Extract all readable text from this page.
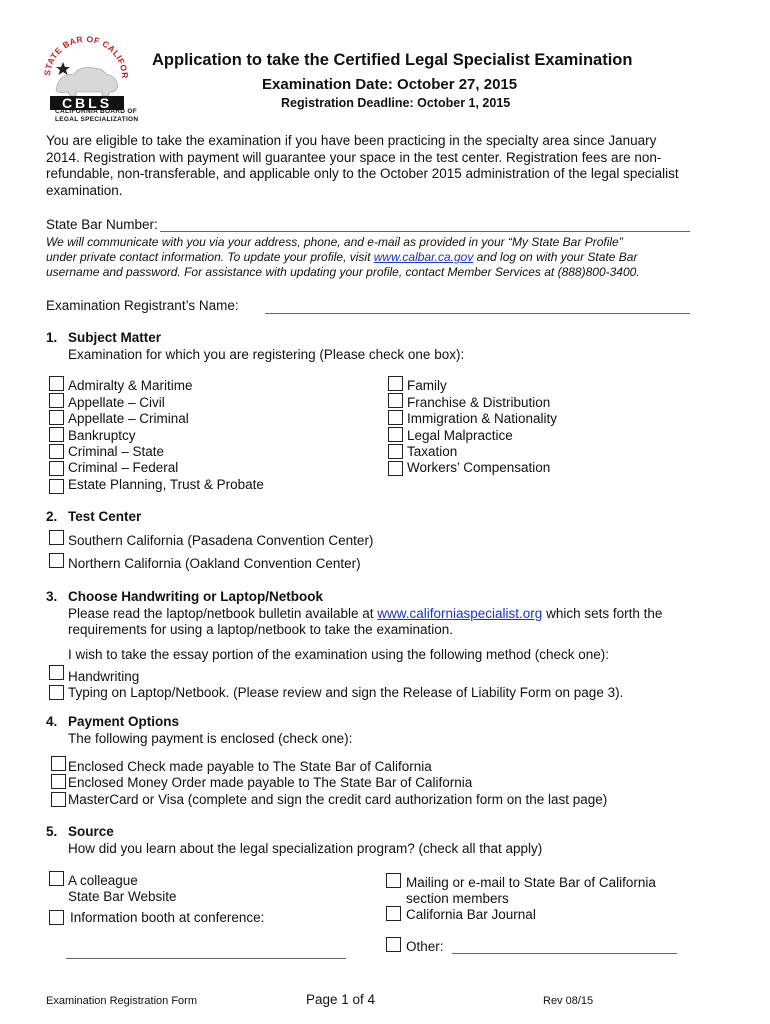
STATE BAR OF CALIFOR
CBLS
CALIFORNIA BOARD OF
LEGAL SPECIALIZATION
Application to take the Certified Legal Specialist Examination
Examination Date: October 27, 2015
Registration Deadline: October 1, 2015
You are eligible to take the examination if you have been practicing in the specialty area since January 2014. Registration with payment will guarantee your space in the test center. Registration fees are non-refundable, non-transferable, and applicable only to the October 2015 administration of the legal specialist examination.
State Bar Number:
We will communicate with you via your address, phone, and e-mail as provided in your “My State Bar Profile”
under private contact information. To update your profile, visit www.calbar.ca.gov and log on with your State Bar
username and password. For assistance with updating your profile, contact Member Services at (888)800-3400.
Examination Registrant’s Name:
1. Subject Matter
Examination for which you are registering (Please check one box):
Admiralty & Maritime
Appellate – Civil
Appellate – Criminal
Bankruptcy
Criminal – State
Criminal – Federal
Estate Planning, Trust & Probate
Family
Franchise & Distribution
Immigration & Nationality
Legal Malpractice
Taxation
Workers’ Compensation
2. Test Center
Southern California (Pasadena Convention Center)
Northern California (Oakland Convention Center)
3. Choose Handwriting or Laptop/Netbook
Please read the laptop/netbook bulletin available at www.californiaspecialist.org which sets forth the
requirements for using a laptop/netbook to take the examination.
I wish to take the essay portion of the examination using the following method (check one):
Handwriting
Typing on Laptop/Netbook. (Please review and sign the Release of Liability Form on page 3).
4. Payment Options
The following payment is enclosed (check one):
Enclosed Check made payable to The State Bar of California
Enclosed Money Order made payable to The State Bar of California
MasterCard or Visa (complete and sign the credit card authorization form on the last page)
5. Source
How did you learn about the legal specialization program? (check all that apply)
A colleague
State Bar Website
Information booth at conference:
Mailing or e-mail to State Bar of California
section members
California Bar Journal
Other:
Examination Registration Form	Page 1 of 4	Rev 08/15
